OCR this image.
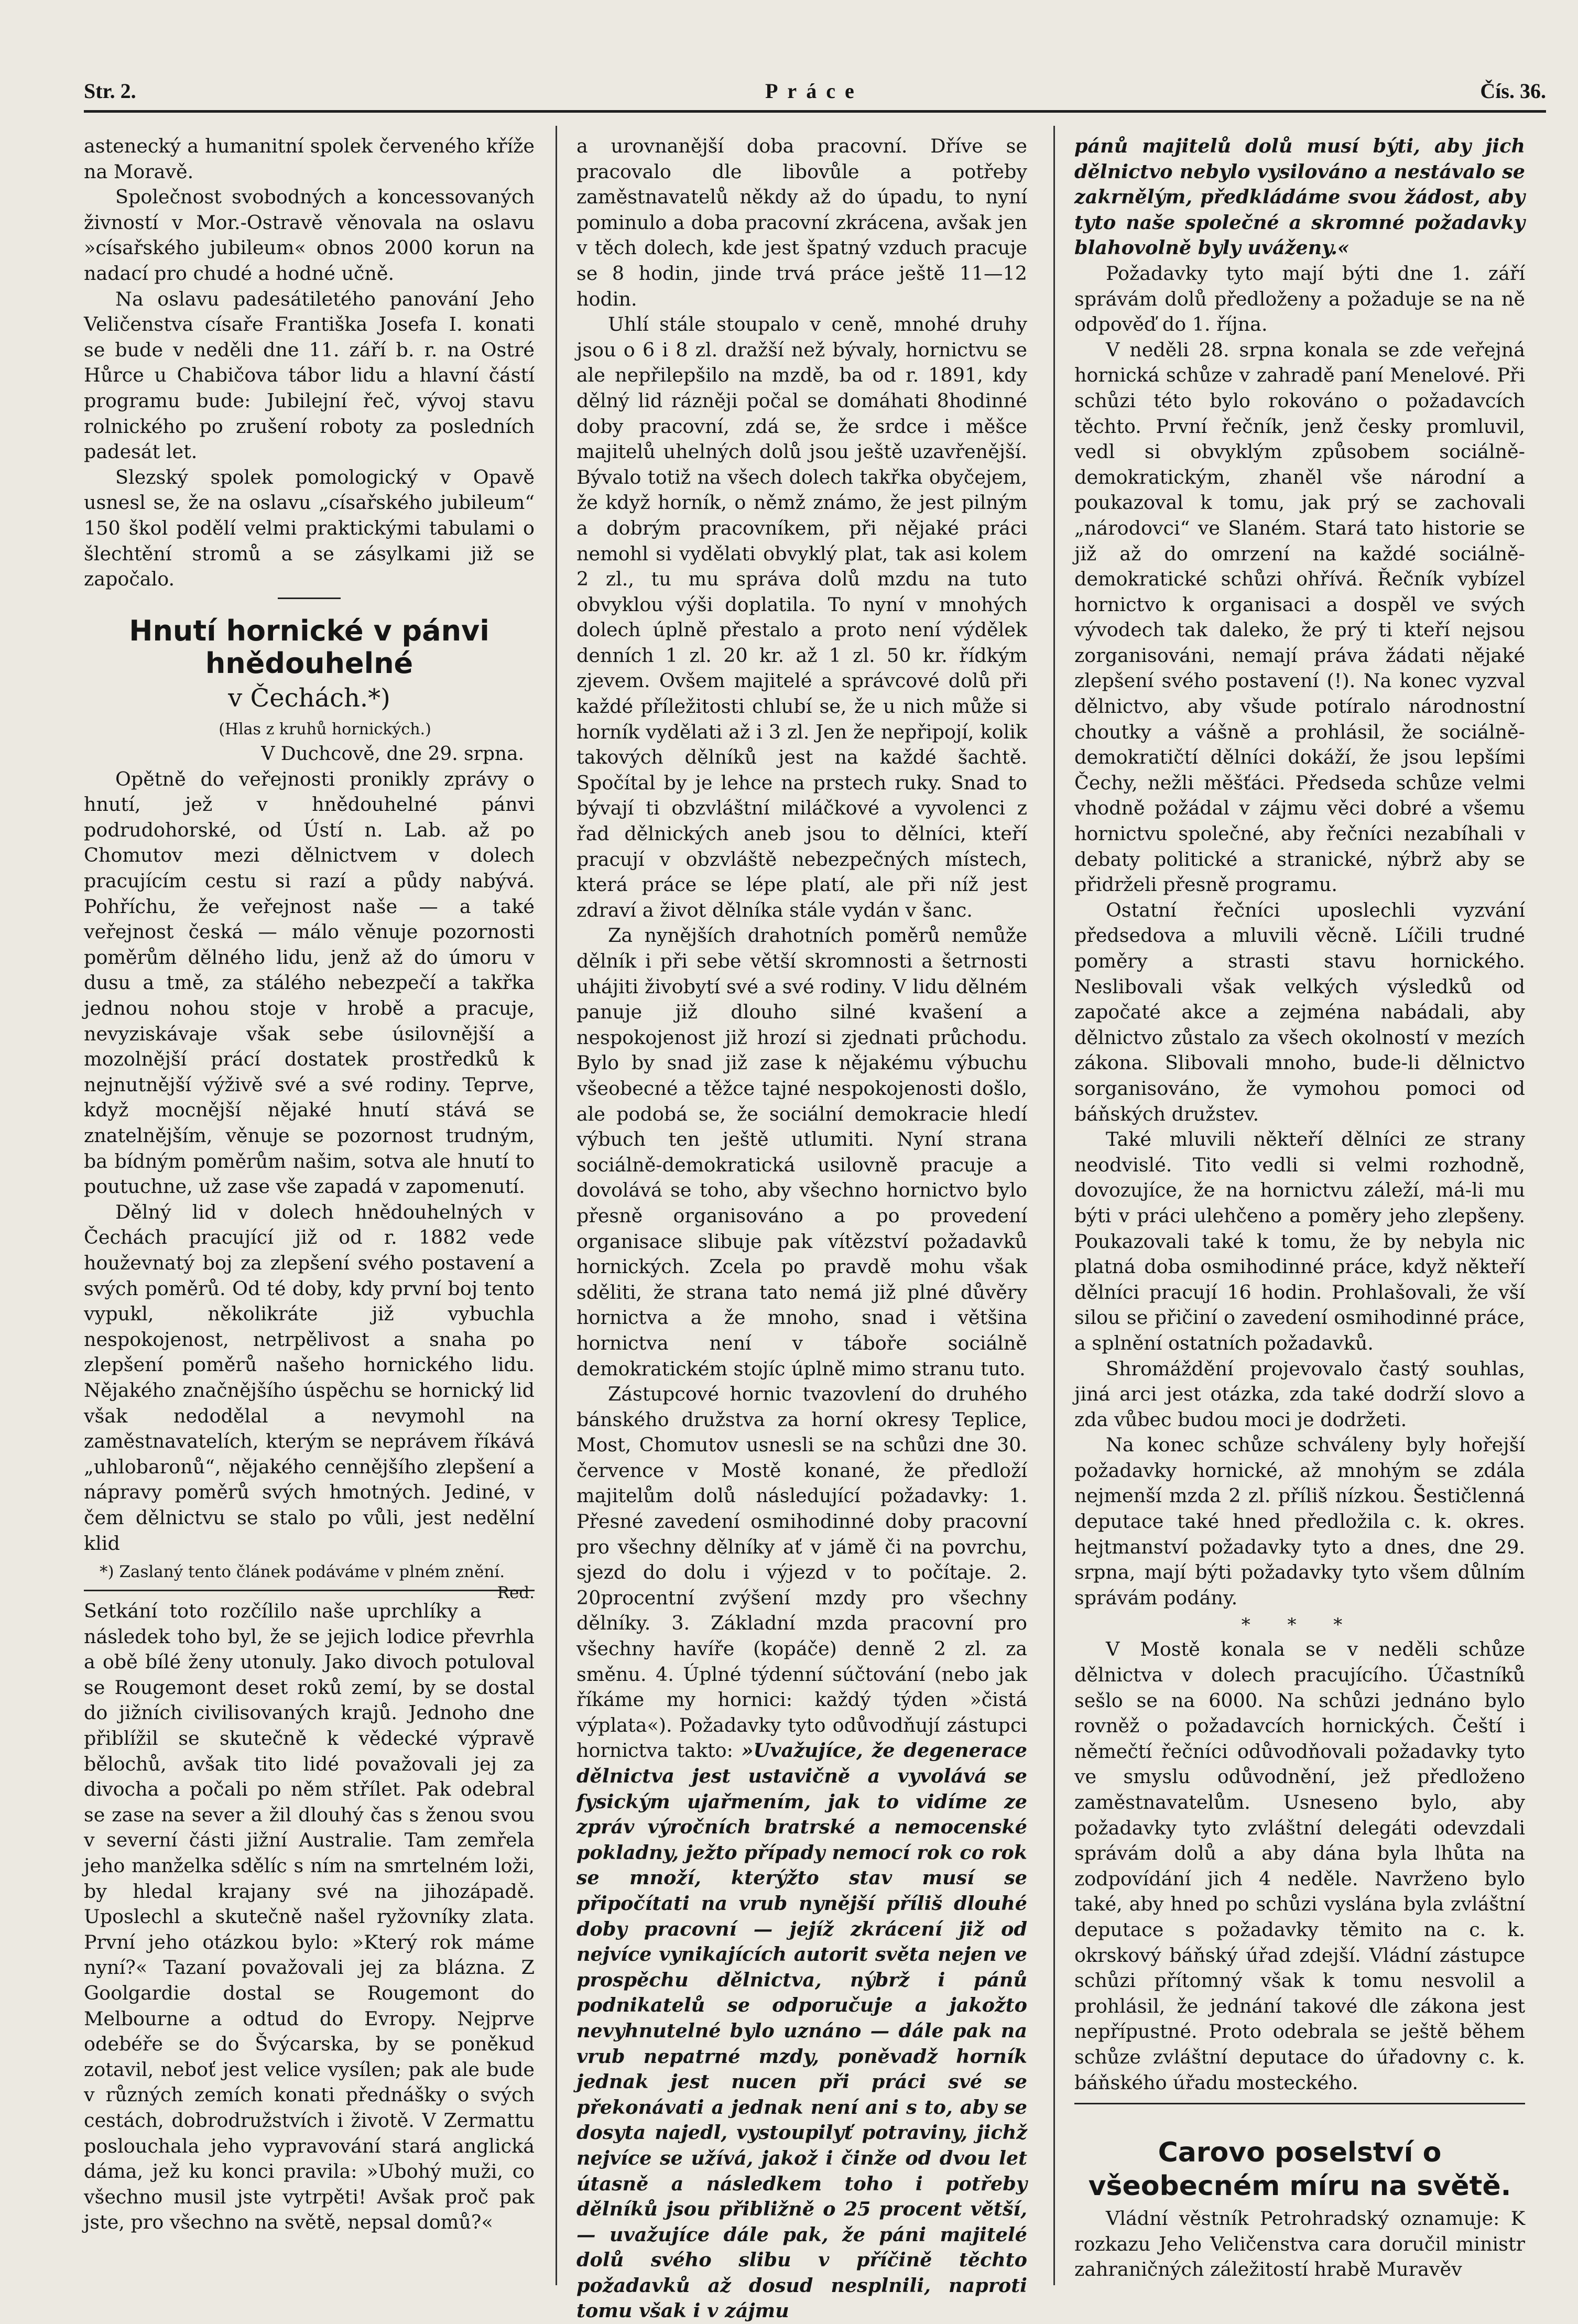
Str. 2.	Práce	Čís. 36.

astenecký a humanitní spolek červeného kříže na Moravě.

Společnost svobodných a koncessovaných živností v Mor.-Ostravě věnovala na oslavu »císařského jubileum« obnos 2000 korun na nadací pro chudé a hodné učně.

Na oslavu padesátiletého panování Jeho Veličenstva císaře Františka Josefa I. konati se bude v neděli dne 11. září b. r. na Ostré Hůrce u Chabičova tábor lidu a hlavní částí programu bude: Jubilejní řeč, vývoj stavu rolnického po zrušení roboty za posledních padesát let.

Slezský spolek pomologický v Opavě usnesl se, že na oslavu „císařského jubileum“ 150 škol podělí velmi praktickými tabulami o šlechtění stromů a se zásylkami již se započalo.

Hnutí hornické v pánvi hnědouhelné
v Čechách.*)

(Hlas z kruhů hornických.)

V Duchcově, dne 29. srpna.

Opětně do veřejnosti pronikly zprávy o hnutí, jež v hnědouhelné pánvi podrudohorské, od Ústí n. Lab. až po Chomutov mezi dělnictvem v dolech pracujícím cestu si razí a půdy nabývá. Pohříchu, že veřejnost naše — a také veřejnost česká — málo věnuje pozornosti poměrům dělného lidu, jenž až do úmoru v dusu a tmě, za stálého nebezpečí a takřka jednou nohou stoje v hrobě a pracuje, nevyziskávaje však sebe úsilovnější a mozolnější prácí dostatek prostředků k nejnutnější výživě své a své rodiny. Teprve, když mocnější nějaké hnutí stává se znatelnějším, věnuje se pozornost trudným, ba bídným poměrům našim, sotva ale hnutí to poutuchne, už zase vše zapadá v zapomenutí.

Dělný lid v dolech hnědouhelných v Čechách pracující již od r. 1882 vede houževnatý boj za zlepšení svého postavení a svých poměrů. Od té doby, kdy první boj tento vypukl, několikráte již vybuchla nespokojenost, netrpělivost a snaha po zlepšení poměrů našeho hornického lidu. Nějakého značnějšího úspěchu se hornický lid však nedodělal a nevymohl na zaměstnavatelích, kterým se neprávem říkává „uhlobaronů“, nějakého cennějšího zlepšení a nápravy poměrů svých hmotných. Jediné, v čem dělnictvu se stalo po vůli, jest nedělní klid

*) Zaslaný tento článek podáváme v plném znění.
Red.

Setkání toto rozčílilo naše uprchlíky a následek toho byl, že se jejich lodice převrhla a obě bílé ženy utonuly. Jako divoch potuloval se Rougemont deset roků zemí, by se dostal do jižních civilisovaných krajů. Jednoho dne přiblížil se skutečně k vědecké výpravě bělochů, avšak tito lidé považovali jej za divocha a počali po něm střílet. Pak odebral se zase na sever a žil dlouhý čas s ženou svou v severní části jižní Australie. Tam zemřela jeho manželka sdělíc s ním na smrtelném loži, by hledal krajany své na jihozápadě. Uposlechl a skutečně našel ryžovníky zlata. První jeho otázkou bylo: »Který rok máme nyní?« Tazaní považovali jej za blázna. Z Goolgardie dostal se Rougemont do Melbourne a odtud do Evropy. Nejprve odebéře se do Švýcarska, by se poněkud zotavil, neboť jest velice vysílen; pak ale bude v různých zemích konati přednášky o svých cestách, dobrodružstvích i životě. V Zermattu poslouchala jeho vypravování stará anglická dáma, jež ku konci pravila: »Ubohý muži, co všechno musil jste vytrpěti! Avšak proč pak jste, pro všechno na světě, nepsal domů?«

a urovnanější doba pracovní. Dříve se pracovalo dle libovůle a potřeby zaměstnavatelů někdy až do úpadu, to nyní pominulo a doba pracovní zkrácena, avšak jen v těch dolech, kde jest špatný vzduch pracuje se 8 hodin, jinde trvá práce ještě 11—12 hodin.

Uhlí stále stoupalo v ceně, mnohé druhy jsou o 6 i 8 zl. dražší než bývaly, hornictvu se ale nepřilepšilo na mzdě, ba od r. 1891, kdy dělný lid rázněji počal se domáhati 8hodinné doby pracovní, zdá se, že srdce i měšce majitelů uhelných dolů jsou ještě uzavřenější. Bývalo totiž na všech dolech takřka obyčejem, že když horník, o němž známo, že jest pilným a dobrým pracovníkem, při nějaké práci nemohl si vydělati obvyklý plat, tak asi kolem 2 zl., tu mu správa dolů mzdu na tuto obvyklou výši doplatila. To nyní v mnohých dolech úplně přestalo a proto není výdělek denních 1 zl. 20 kr. až 1 zl. 50 kr. řídkým zjevem. Ovšem majitelé a správcové dolů při každé příležitosti chlubí se, že u nich může si horník vydělati až i 3 zl. Jen že nepřipojí, kolik takových dělníků jest na každé šachtě. Spočítal by je lehce na prstech ruky. Snad to bývají ti obzvláštní miláčkové a vyvolenci z řad dělnických aneb jsou to dělníci, kteří pracují v obzvláště nebezpečných místech, která práce se lépe platí, ale při níž jest zdraví a život dělníka stále vydán v šanc.

Za nynějších drahotních poměrů nemůže dělník i při sebe větší skromnosti a šetrnosti uhájiti živobytí své a své rodiny. V lidu dělném panuje již dlouho silné kvašení a nespokojenost již hrozí si zjednati průchodu. Bylo by snad již zase k nějakému výbuchu všeobecné a těžce tajné nespokojenosti došlo, ale podobá se, že sociální demokracie hledí výbuch ten ještě utlumiti. Nyní strana sociálně-demokratická usilovně pracuje a dovolává se toho, aby všechno hornictvo bylo přesně organisováno a po provedení organisace slibuje pak vítězství požadavků hornických. Zcela po pravdě mohu však sděliti, že strana tato nemá již plné důvěry hornictva a že mnoho, snad i většina hornictva není v táboře sociálně demokratickém stojíc úplně mimo stranu tuto.

Zástupcové hornic tvazovlení do druhého bánského družstva za horní okresy Teplice, Most, Chomutov usnesli se na schůzi dne 30. července v Mostě konané, že předloží majitelům dolů následující požadavky: 1. Přesné zavedení osmihodinné doby pracovní pro všechny dělníky ať v jámě či na povrchu, sjezd do dolu i výjezd v to počítaje. 2. 20procentní zvýšení mzdy pro všechny dělníky. 3. Základní mzda pracovní pro všechny havíře (kopáče) denně 2 zl. za směnu. 4. Úplné týdenní súčtování (nebo jak říkáme my hornici: každý týden »čistá výplata«). Požadavky tyto odůvodňují zástupci hornictva takto: »Uvažujíce, že degenerace dělnictva jest ustavičně a vyvolává se fysickým ujařmením, jak to vidíme ze zpráv výročních bratrské a nemocenské pokladny, ježto případy nemocí rok co rok se množí, kterýžto stav musí se připočítati na vrub nynější příliš dlouhé doby pracovní — jejíž zkrácení již od nejvíce vynikajících autorit světa nejen ve prospěchu dělnictva, nýbrž i pánů podnikatelů se odporučuje a jakožto nevyhnutelné bylo uznáno — dále pak na vrub nepatrné mzdy, poněvadž horník jednak jest nucen při práci své se překonávati a jednak není ani s to, aby se dosyta najedl, vystoupilyť potraviny, jichž nejvíce se užívá, jakož i činže od dvou let útasně a následkem toho i potřeby dělníků jsou přibližně o 25 procent větší, — uvažujíce dále pak, že páni majitelé dolů svého slibu v příčině těchto požadavků až dosud nesplnili, naproti tomu však i v zájmu

pánů majitelů dolů musí býti, aby jich dělnictvo nebylo vysilováno a nestávalo se zakrnělým, předkládáme svou žádost, aby tyto naše společné a skromné požadavky blahovolně byly uváženy.«

Požadavky tyto mají býti dne 1. září správám dolů předloženy a požaduje se na ně odpověď do 1. října.

V neděli 28. srpna konala se zde veřejná hornická schůze v zahradě paní Menelové. Při schůzi této bylo rokováno o požadavcích těchto. První řečník, jenž česky promluvil, vedl si obvyklým způsobem sociálně-demokratickým, zhaněl vše národní a poukazoval k tomu, jak prý se zachovali „národovci“ ve Slaném. Stará tato historie se již až do omrzení na každé sociálně-demokratické schůzi ohřívá. Řečník vybízel hornictvo k organisaci a dospěl ve svých vývodech tak daleko, že prý ti kteří nejsou zorganisováni, nemají práva žádati nějaké zlepšení svého postavení (!). Na konec vyzval dělnictvo, aby všude potíralo národnostní choutky a vášně a prohlásil, že sociálně-demokratičtí dělníci dokáží, že jsou lepšími Čechy, nežli měšťáci. Předseda schůze velmi vhodně požádal v zájmu věci dobré a všemu hornictvu společné, aby řečníci nezabíhali v debaty politické a stranické, nýbrž aby se přidrželi přesně programu.

Ostatní řečníci uposlechli vyzvání předsedova a mluvili věcně. Líčili trudné poměry a strasti stavu hornického. Neslibovali však velkých výsledků od započaté akce a zejména nabádali, aby dělnictvo zůstalo za všech okolností v mezích zákona. Slibovali mnoho, bude-li dělnictvo sorganisováno, že vymohou pomoci od báňských družstev.

Také mluvili někteří dělníci ze strany neodvislé. Tito vedli si velmi rozhodně, dovozujíce, že na hornictvu záleží, má-li mu býti v práci ulehčeno a poměry jeho zlepšeny. Poukazovali také k tomu, že by nebyla nic platná doba osmihodinné práce, když někteří dělníci pracují 16 hodin. Prohlašovali, že vší silou se přičiní o zavedení osmihodinné práce, a splnění ostatních požadavků.

Shromáždění projevovalo častý souhlas, jiná arci jest otázka, zda také dodrží slovo a zda vůbec budou moci je dodržeti.

Na konec schůze schváleny byly hořejší požadavky hornické, až mnohým se zdála nejmenší mzda 2 zl. příliš nízkou. Šestičlenná deputace také hned předložila c. k. okres. hejtmanství požadavky tyto a dnes, dne 29. srpna, mají býti požadavky tyto všem důlním správám podány.

* * *

V Mostě konala se v neděli schůze dělnictva v dolech pracujícího. Účastníků sešlo se na 6000. Na schůzi jednáno bylo rovněž o požadavcích hornických. Čeští i němečtí řečníci odůvodňovali požadavky tyto ve smyslu odůvodnění, jež předloženo zaměstnavatelům. Usneseno bylo, aby požadavky tyto zvláštní delegáti odevzdali správám dolů a aby dána byla lhůta na zodpovídání jich 4 neděle. Navrženo bylo také, aby hned po schůzi vyslána byla zvláštní deputace s požadavky těmito na c. k. okrskový báňský úřad zdejší. Vládní zástupce schůzi přítomný však k tomu nesvolil a prohlásil, že jednání takové dle zákona jest nepřípustné. Proto odebrala se ještě během schůze zvláštní deputace do úřadovny c. k. báňského úřadu mosteckého.

Carovo poselství o všeobecném míru na světě.

Vládní věstník Petrohradský oznamuje: K rozkazu Jeho Veličenstva cara doručil ministr zahraničných záležitostí hrabě Muravěv
